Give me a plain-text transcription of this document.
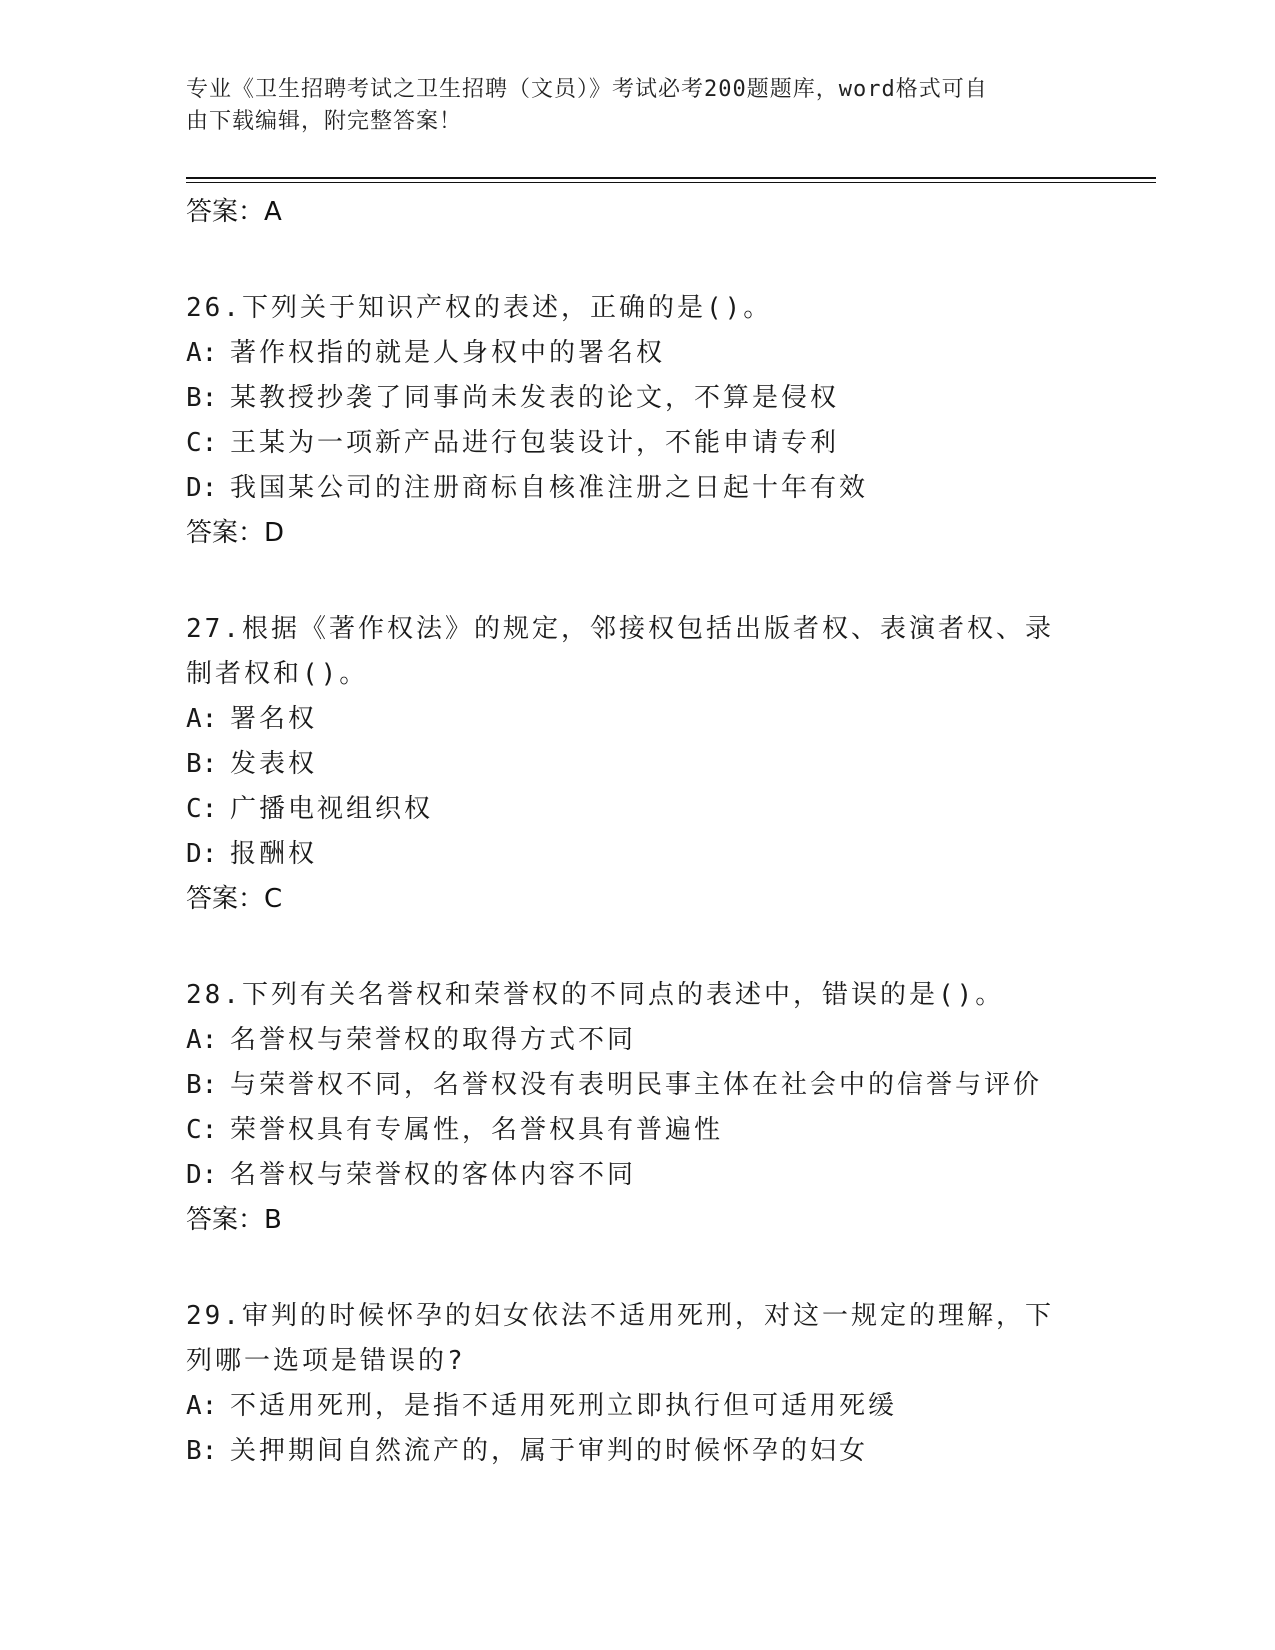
专业《卫生招聘考试之卫生招聘（文员）》考试必考200题题库，word格式可自
由下载编辑，附完整答案！
答案：A
26.下列关于知识产权的表述，正确的是()。
A: 著作权指的就是人身权中的署名权
B: 某教授抄袭了同事尚未发表的论文，不算是侵权
C: 王某为一项新产品进行包装设计，不能申请专利
D: 我国某公司的注册商标自核准注册之日起十年有效
答案：D
27.根据《著作权法》的规定，邻接权包括出版者权、表演者权、录制者权和()。
A: 署名权
B: 发表权
C: 广播电视组织权
D: 报酬权
答案：C
28.下列有关名誉权和荣誉权的不同点的表述中，错误的是()。
A: 名誉权与荣誉权的取得方式不同
B: 与荣誉权不同，名誉权没有表明民事主体在社会中的信誉与评价
C: 荣誉权具有专属性，名誉权具有普遍性
D: 名誉权与荣誉权的客体内容不同
答案：B
29.审判的时候怀孕的妇女依法不适用死刑，对这一规定的理解，下列哪一选项是错误的?
A: 不适用死刑，是指不适用死刑立即执行但可适用死缓
B: 关押期间自然流产的，属于审判的时候怀孕的妇女
